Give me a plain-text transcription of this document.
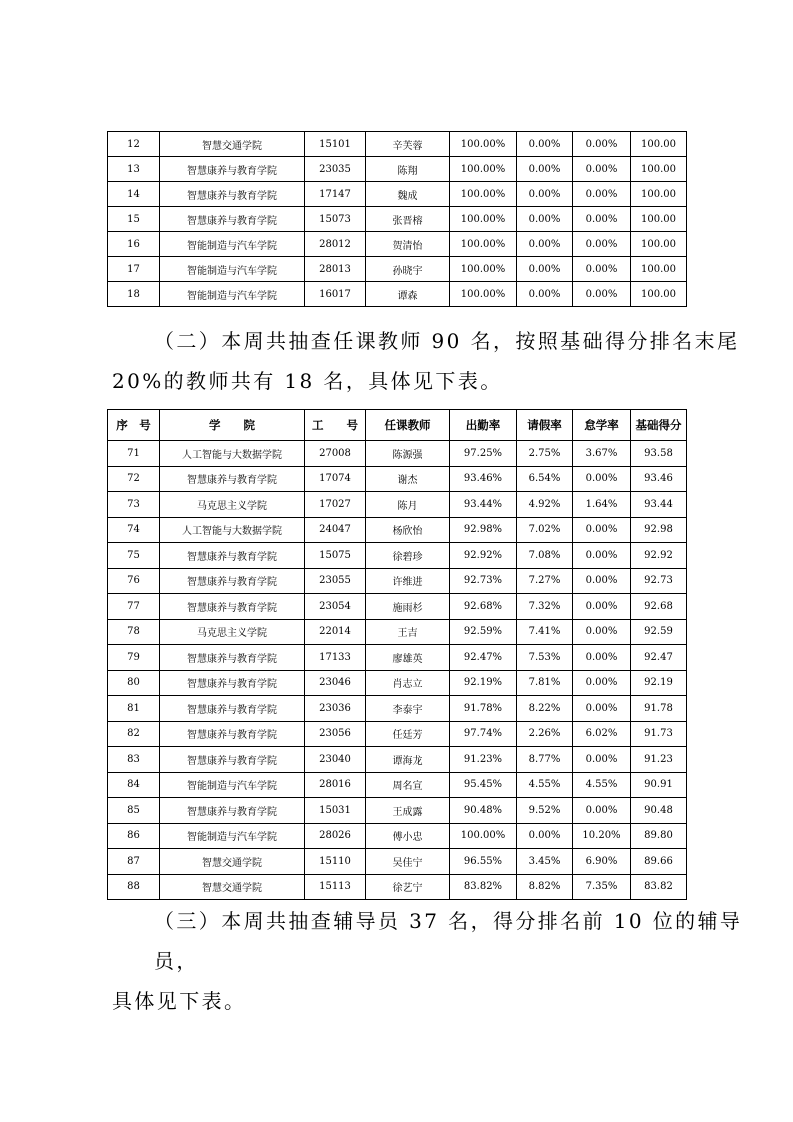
12	智慧交通学院	15101	辛芙蓉	100.00%	0.00%	0.00%	100.00
13	智慧康养与教育学院	23035	陈翔	100.00%	0.00%	0.00%	100.00
14	智慧康养与教育学院	17147	魏成	100.00%	0.00%	0.00%	100.00
15	智慧康养与教育学院	15073	张晋榕	100.00%	0.00%	0.00%	100.00
16	智能制造与汽车学院	28012	贺清怡	100.00%	0.00%	0.00%	100.00
17	智能制造与汽车学院	28013	孙晓宇	100.00%	0.00%	0.00%	100.00
18	智能制造与汽车学院	16017	谭森	100.00%	0.00%	0.00%	100.00

（二）本周共抽查任课教师 90 名，按照基础得分排名末尾
20%的教师共有 18 名，具体见下表。

序　号	学　　院	工　　号	任课教师	出勤率	请假率	怠学率	基础得分
71	人工智能与大数据学院	27008	陈源强	97.25%	2.75%	3.67%	93.58
72	智慧康养与教育学院	17074	谢杰	93.46%	6.54%	0.00%	93.46
73	马克思主义学院	17027	陈月	93.44%	4.92%	1.64%	93.44
74	人工智能与大数据学院	24047	杨欣怡	92.98%	7.02%	0.00%	92.98
75	智慧康养与教育学院	15075	徐碧珍	92.92%	7.08%	0.00%	92.92
76	智慧康养与教育学院	23055	许维进	92.73%	7.27%	0.00%	92.73
77	智慧康养与教育学院	23054	施雨杉	92.68%	7.32%	0.00%	92.68
78	马克思主义学院	22014	王吉	92.59%	7.41%	0.00%	92.59
79	智慧康养与教育学院	17133	廖雄英	92.47%	7.53%	0.00%	92.47
80	智慧康养与教育学院	23046	肖志立	92.19%	7.81%	0.00%	92.19
81	智慧康养与教育学院	23036	李泰宇	91.78%	8.22%	0.00%	91.78
82	智慧康养与教育学院	23056	任廷芳	97.74%	2.26%	6.02%	91.73
83	智慧康养与教育学院	23040	谭海龙	91.23%	8.77%	0.00%	91.23
84	智能制造与汽车学院	28016	周名宣	95.45%	4.55%	4.55%	90.91
85	智慧康养与教育学院	15031	王成露	90.48%	9.52%	0.00%	90.48
86	智能制造与汽车学院	28026	傅小忠	100.00%	0.00%	10.20%	89.80
87	智慧交通学院	15110	吴佳宁	96.55%	3.45%	6.90%	89.66
88	智慧交通学院	15113	徐艺宁	83.82%	8.82%	7.35%	83.82

（三）本周共抽查辅导员 37 名，得分排名前 10 位的辅导员，
具体见下表。
